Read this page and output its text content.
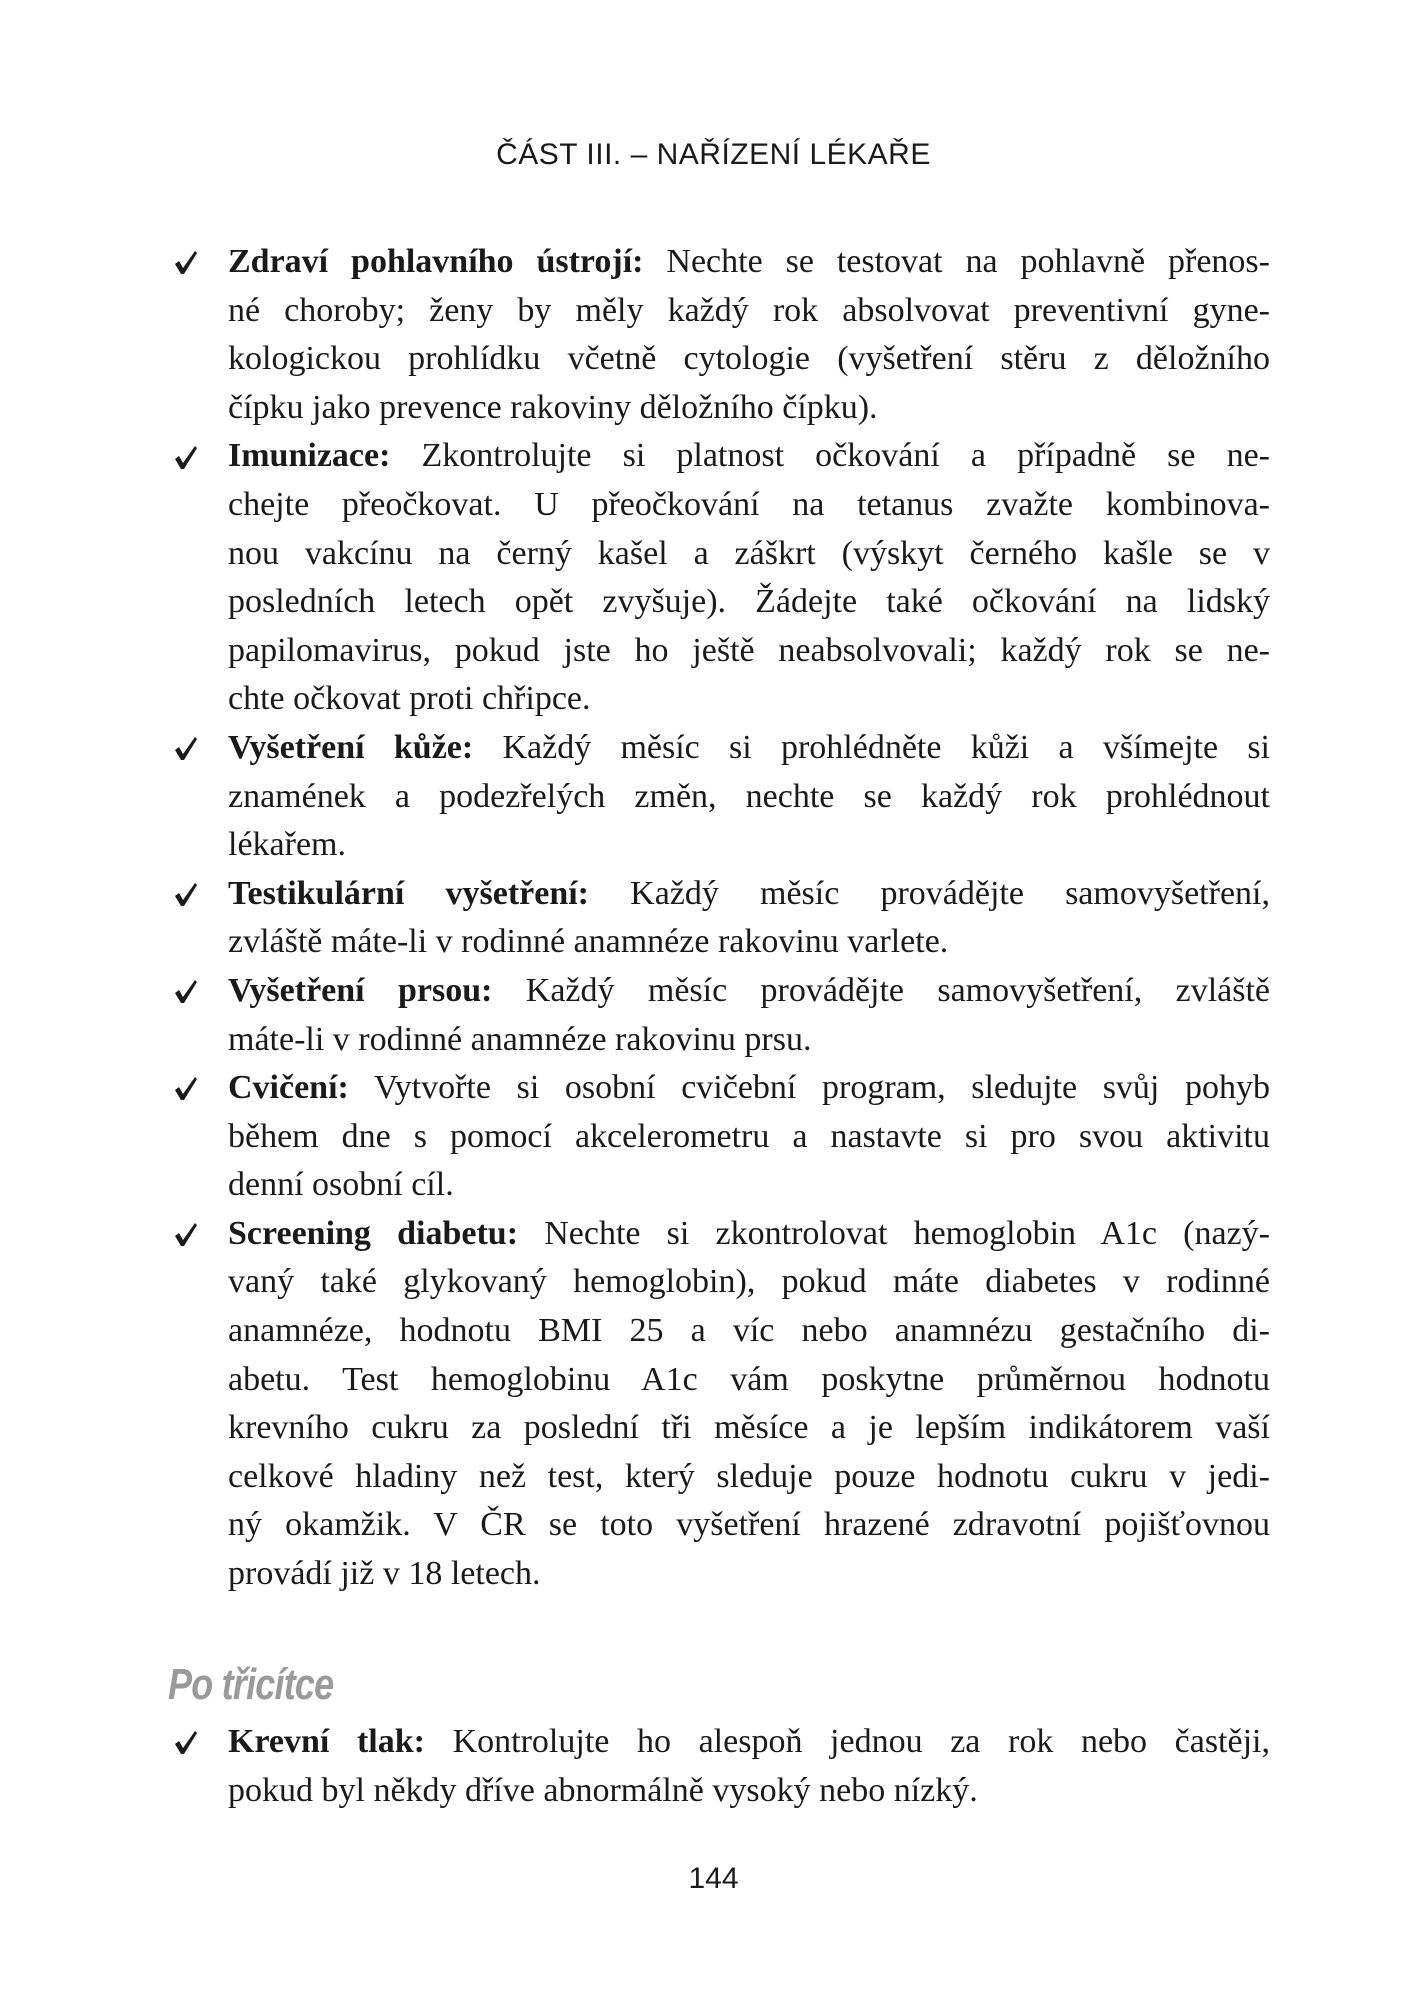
ČÁST III. – NAŘÍZENÍ LÉKAŘE
Zdraví pohlavního ústrojí: Nechte se testovat na pohlavně přenos-
né choroby; ženy by měly každý rok absolvovat preventivní gyne-
kologickou prohlídku včetně cytologie (vyšetření stěru z děložního
čípku jako prevence rakoviny děložního čípku).
Imunizace: Zkontrolujte si platnost očkování a případně se ne-
chejte přeočkovat. U přeočkování na tetanus zvažte kombinova-
nou vakcínu na černý kašel a záškrt (výskyt černého kašle se v
posledních letech opět zvyšuje). Žádejte také očkování na lidský
papilomavirus, pokud jste ho ještě neabsolvovali; každý rok se ne-
chte očkovat proti chřipce.
Vyšetření kůže: Každý měsíc si prohlédněte kůži a všímejte si
znamének a podezřelých změn, nechte se každý rok prohlédnout
lékařem.
Testikulární vyšetření: Každý měsíc provádějte samovyšetření,
zvláště máte-li v rodinné anamnéze rakovinu varlete.
Vyšetření prsou: Každý měsíc provádějte samovyšetření, zvláště
máte-li v rodinné anamnéze rakovinu prsu.
Cvičení: Vytvořte si osobní cvičební program, sledujte svůj pohyb
během dne s pomocí akcelerometru a nastavte si pro svou aktivitu
denní osobní cíl.
Screening diabetu: Nechte si zkontrolovat hemoglobin A1c (nazý-
vaný také glykovaný hemoglobin), pokud máte diabetes v rodinné
anamnéze, hodnotu BMI 25 a víc nebo anamnézu gestačního di-
abetu. Test hemoglobinu A1c vám poskytne průměrnou hodnotu
krevního cukru za poslední tři měsíce a je lepším indikátorem vaší
celkové hladiny než test, který sleduje pouze hodnotu cukru v jedi-
ný okamžik. V ČR se toto vyšetření hrazené zdravotní pojišťovnou
provádí již v 18 letech.
Po třicítce
Krevní tlak: Kontrolujte ho alespoň jednou za rok nebo častěji,
pokud byl někdy dříve abnormálně vysoký nebo nízký.
144
